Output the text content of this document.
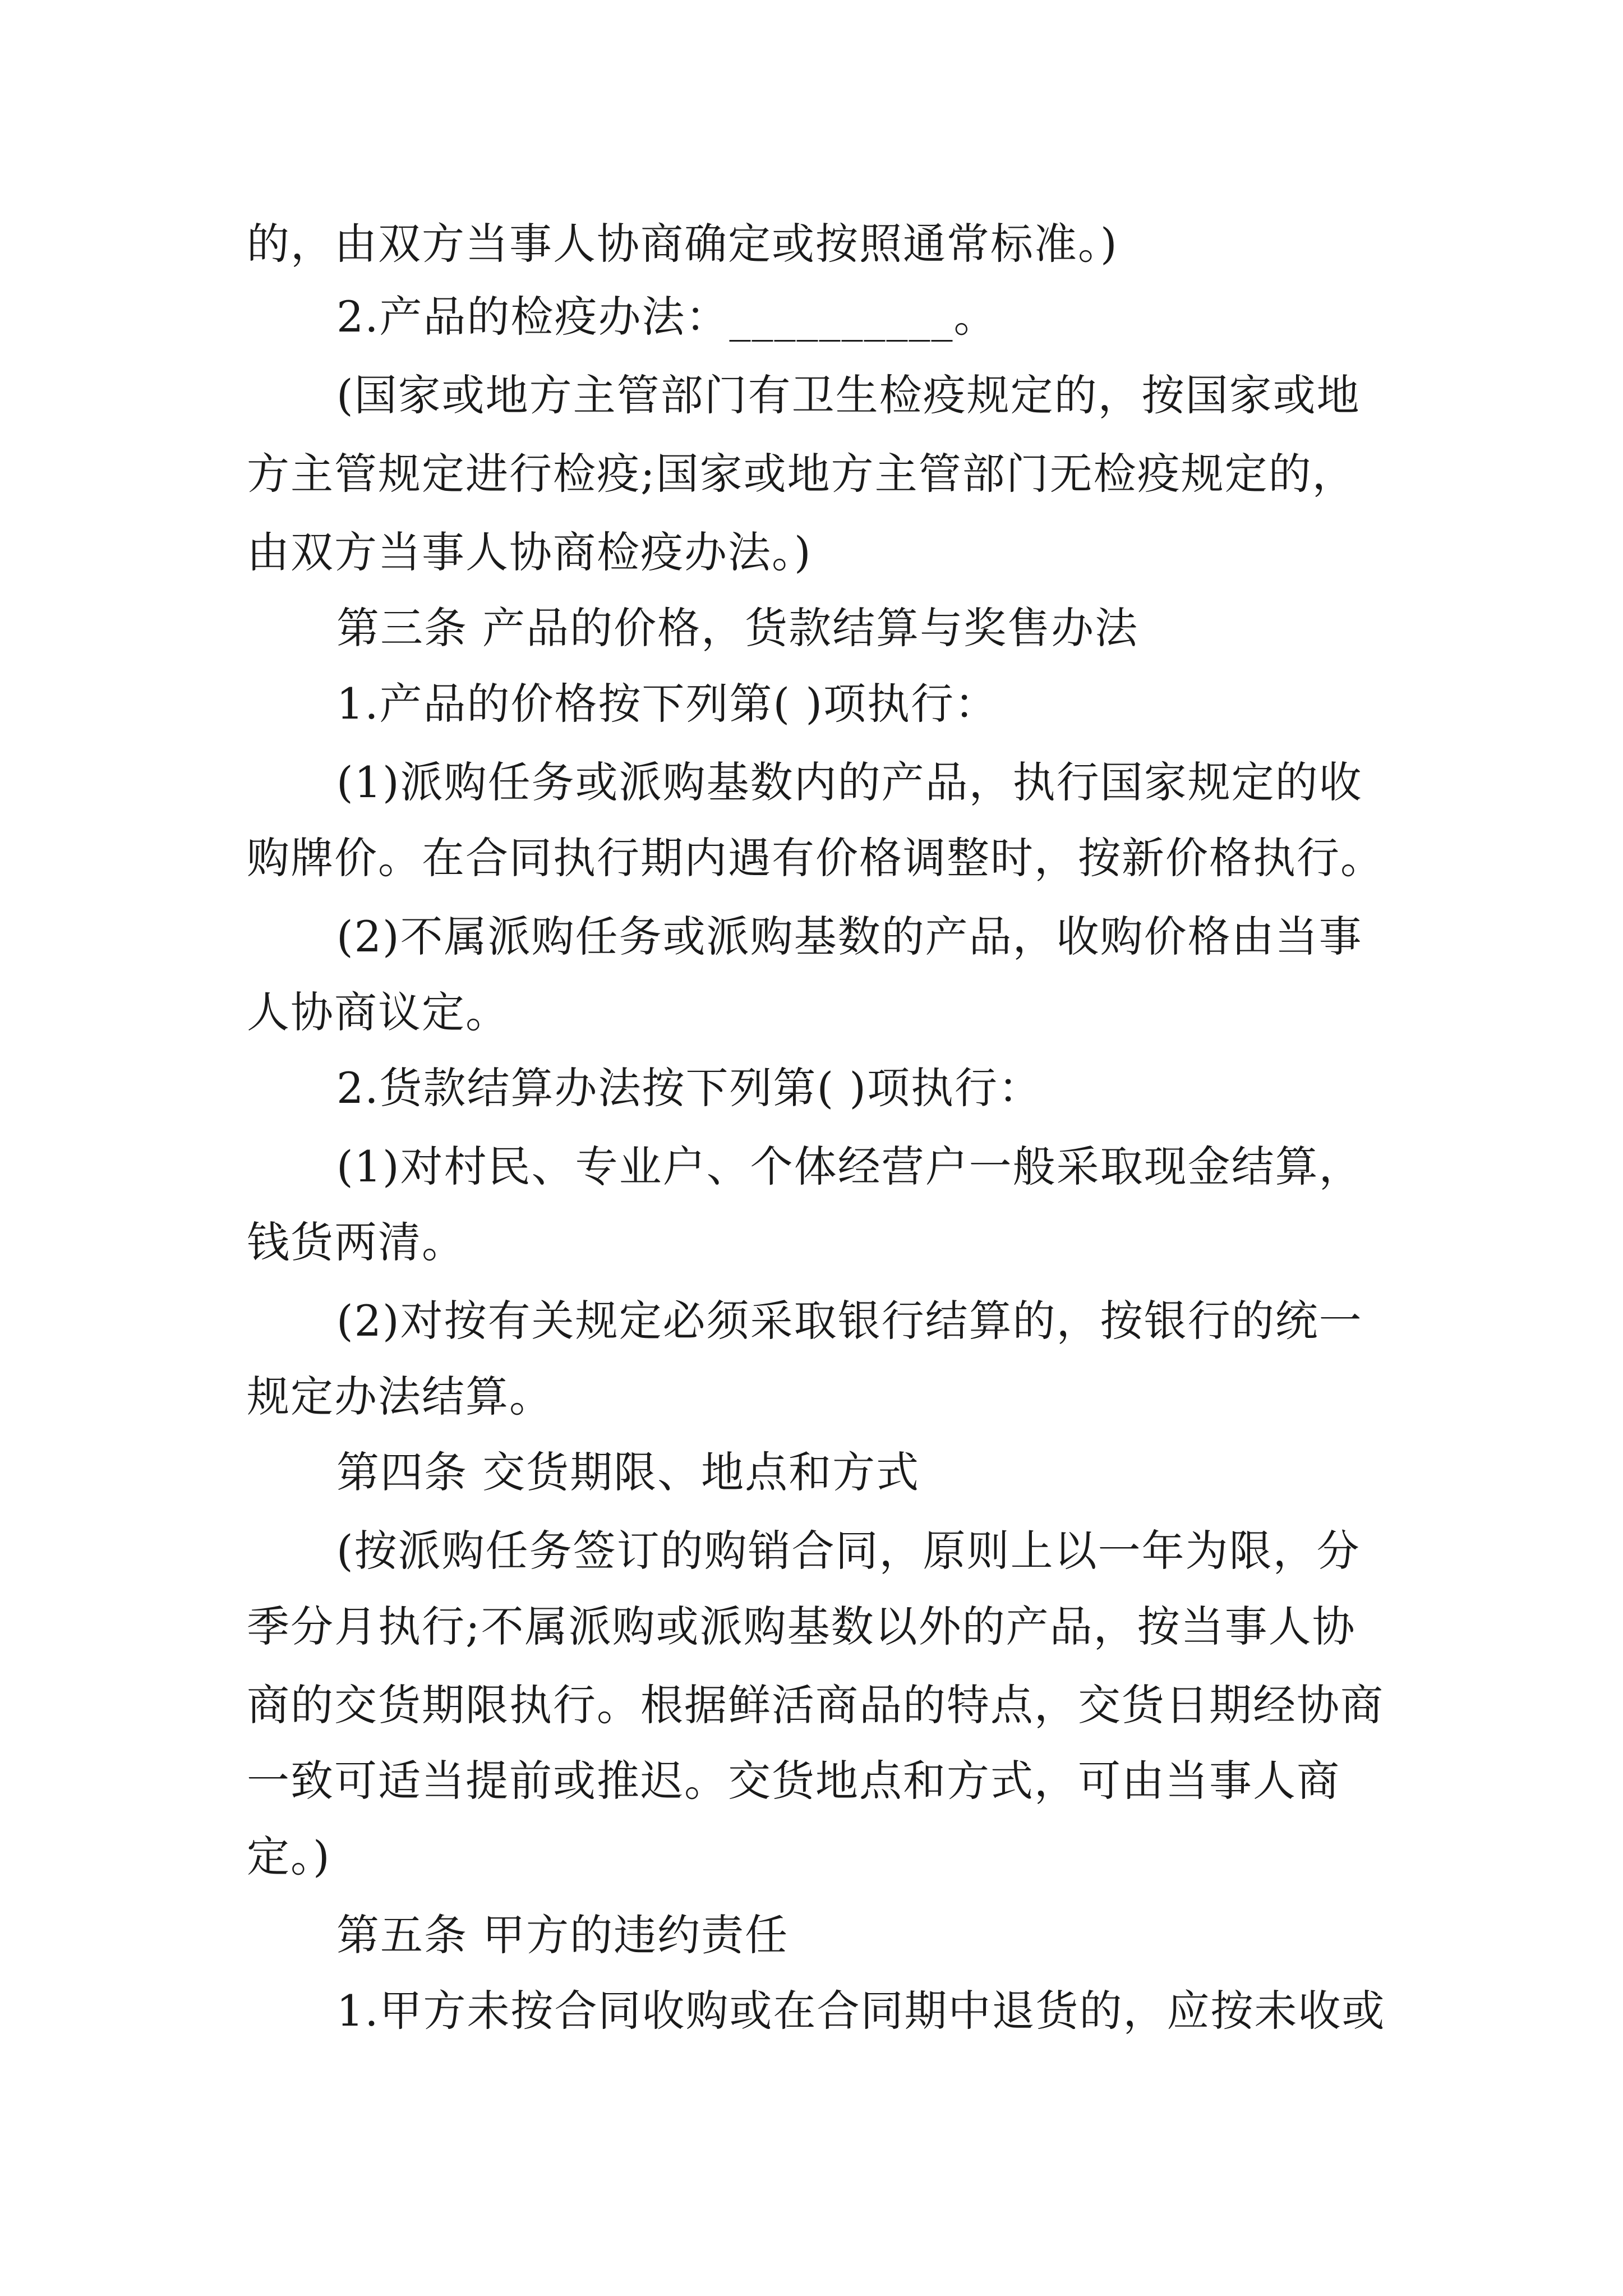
的，由双方当事人协商确定或按照通常标准。)
2.产品的检疫办法：__________。
(国家或地方主管部门有卫生检疫规定的，按国家或地
方主管规定进行检疫;国家或地方主管部门无检疫规定的，
由双方当事人协商检疫办法。)
第三条 产品的价格，货款结算与奖售办法
1.产品的价格按下列第( )项执行：
(1)派购任务或派购基数内的产品，执行国家规定的收
购牌价。在合同执行期内遇有价格调整时，按新价格执行。
(2)不属派购任务或派购基数的产品，收购价格由当事
人协商议定。
2.货款结算办法按下列第( )项执行：
(1)对村民、专业户、个体经营户一般采取现金结算，
钱货两清。
(2)对按有关规定必须采取银行结算的，按银行的统一
规定办法结算。
第四条 交货期限、地点和方式
(按派购任务签订的购销合同，原则上以一年为限，分
季分月执行;不属派购或派购基数以外的产品，按当事人协
商的交货期限执行。根据鲜活商品的特点，交货日期经协商
一致可适当提前或推迟。交货地点和方式，可由当事人商
定。)
第五条 甲方的违约责任
1.甲方未按合同收购或在合同期中退货的，应按未收或
